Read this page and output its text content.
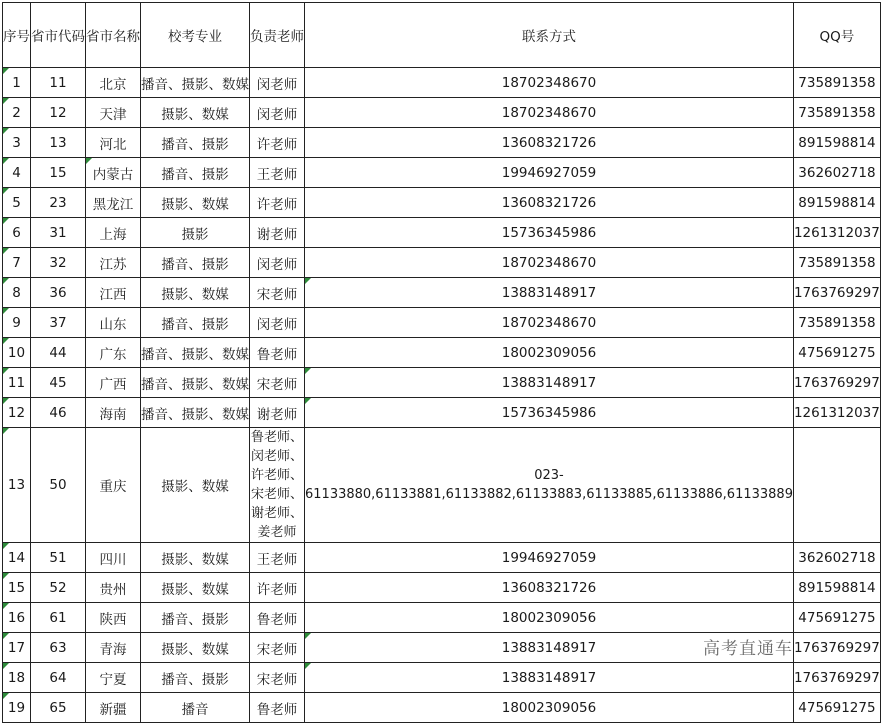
序号	省市代码	省市名称	校考专业	负责老师	联系方式	QQ号
1	11	北京	播音、摄影、数媒	闵老师	18702348670	735891358
2	12	天津	摄影、数媒	闵老师	18702348670	735891358
3	13	河北	播音、摄影	许老师	13608321726	891598814
4	15	内蒙古	播音、摄影	王老师	19946927059	362602718
5	23	黑龙江	摄影、数媒	许老师	13608321726	891598814
6	31	上海	摄影	谢老师	15736345986	1261312037
7	32	江苏	播音、摄影	闵老师	18702348670	735891358
8	36	江西	摄影、数媒	宋老师	13883148917	1763769297
9	37	山东	播音、摄影	闵老师	18702348670	735891358
10	44	广东	播音、摄影、数媒	鲁老师	18002309056	475691275
11	45	广西	播音、摄影、数媒	宋老师	13883148917	1763769297
12	46	海南	播音、摄影、数媒	谢老师	15736345986	1261312037
13	50	重庆	摄影、数媒	鲁老师、闵老师、许老师、宋老师、谢老师、姜老师	023-61133880,61133881,61133882,61133883,61133885,61133886,61133889	
14	51	四川	摄影、数媒	王老师	19946927059	362602718
15	52	贵州	摄影、数媒	许老师	13608321726	891598814
16	61	陕西	播音、摄影	鲁老师	18002309056	475691275
17	63	青海	摄影、数媒	宋老师	13883148917	1763769297
18	64	宁夏	播音、摄影	宋老师	13883148917	1763769297
19	65	新疆	播音	鲁老师	18002309056	475691275
高考直通车
